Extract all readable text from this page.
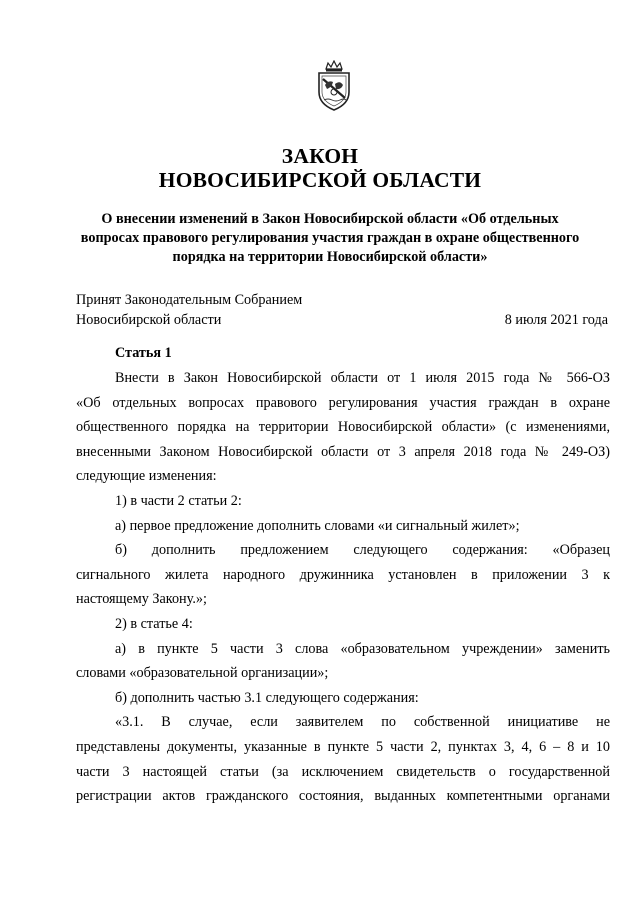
ЗАКОН
НОВОСИБИРСКОЙ ОБЛАСТИ
О внесении изменений в Закон Новосибирской области «Об отдельных
вопросах правового регулирования участия граждан в охране общественного
порядка на территории Новосибирской области»
Принят Законодательным Собранием
Новосибирской области	8 июля 2021 года
Статья 1
Внести в Закон Новосибирской области от 1 июля 2015 года № 566-ОЗ
«Об отдельных вопросах правового регулирования участия граждан в охране
общественного порядка на территории Новосибирской области» (с изменениями,
внесенными Законом Новосибирской области от 3 апреля 2018 года № 249-ОЗ)
следующие изменения:
1) в части 2 статьи 2:
а) первое предложение дополнить словами «и сигнальный жилет»;
б) дополнить предложением следующего содержания: «Образец
сигнального жилета народного дружинника установлен в приложении 3 к
настоящему Закону.»;
2) в статье 4:
а) в пункте 5 части 3 слова «образовательном учреждении» заменить
словами «образовательной организации»;
б) дополнить частью 3.1 следующего содержания:
«3.1. В случае, если заявителем по собственной инициативе не
представлены документы, указанные в пункте 5 части 2, пунктах 3, 4, 6 – 8 и 10
части 3 настоящей статьи (за исключением свидетельств о государственной
регистрации актов гражданского состояния, выданных компетентными органами
